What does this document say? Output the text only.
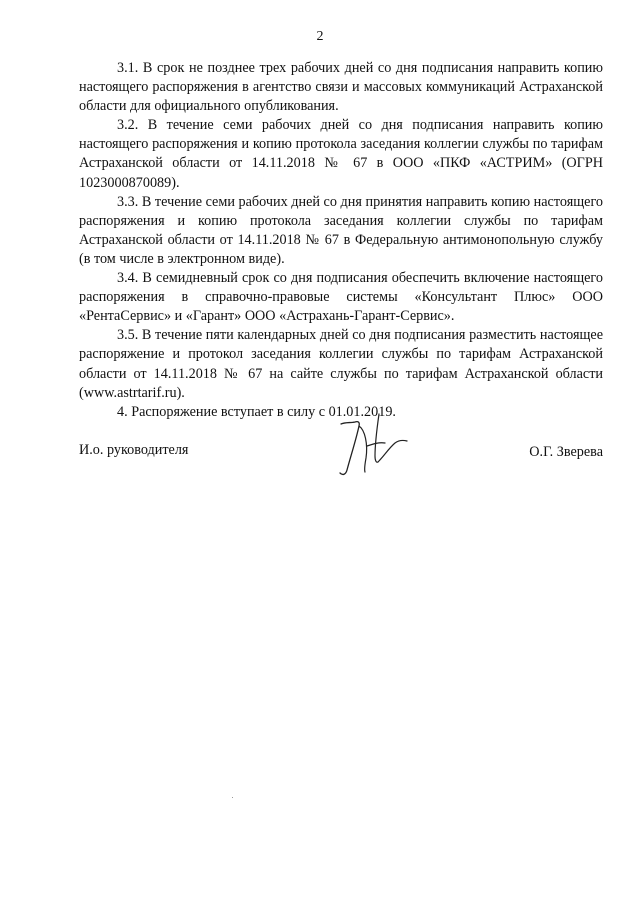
2

3.1. В срок не позднее трех рабочих дней со дня подписания направить копию настоящего распоряжения в агентство связи и массовых коммуникаций Астраханской области для официального опубликования.

3.2. В течение семи рабочих дней со дня подписания направить копию настоящего распоряжения и копию протокола заседания коллегии службы по тарифам Астраханской области от 14.11.2018 № 67 в ООО «ПКФ «АСТРИМ» (ОГРН 1023000870089).

3.3. В течение семи рабочих дней со дня принятия направить копию настоящего распоряжения и копию протокола заседания коллегии службы по тарифам Астраханской области от 14.11.2018 № 67 в Федеральную антимонопольную службу (в том числе в электронном виде).

3.4. В семидневный срок со дня подписания обеспечить включение настоящего распоряжения в справочно-правовые системы «Консультант Плюс» ООО «РентаСервис» и «Гарант» ООО «Астрахань-Гарант-Сервис».

3.5. В течение пяти календарных дней со дня подписания разместить настоящее распоряжение и протокол заседания коллегии службы по тарифам Астраханской области от 14.11.2018 № 67 на сайте службы по тарифам Астраханской области (www.astrtarif.ru).

4. Распоряжение вступает в силу с 01.01.2019.

И.о. руководителя	О.Г. Зверева
